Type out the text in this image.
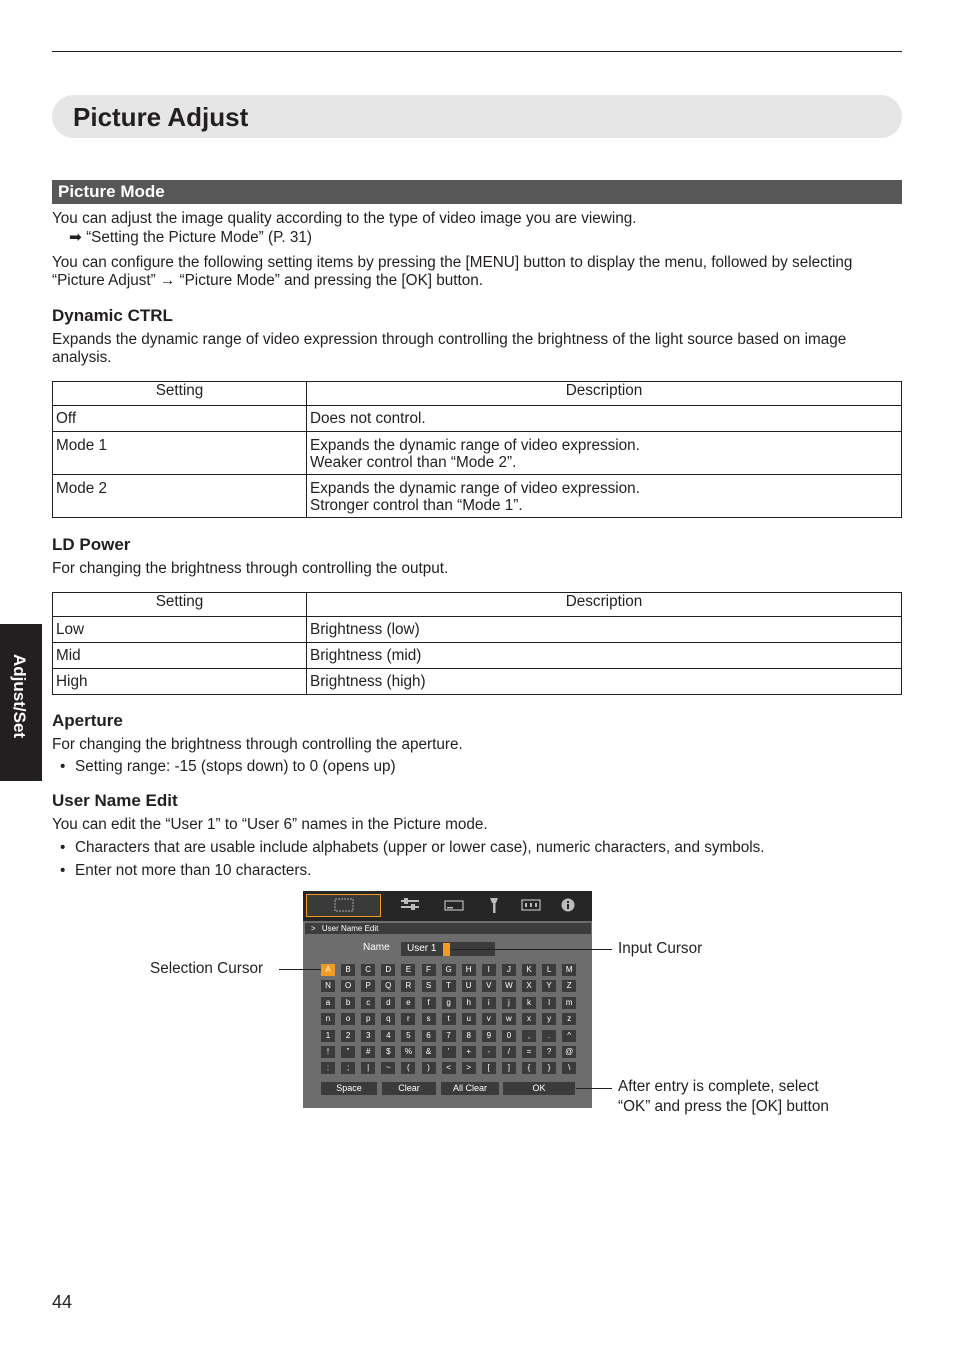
Picture Adjust
Picture Mode

You can adjust the image quality according to the type of video image you are viewing.

➡ “Setting the Picture Mode” (P. 31)

You can configure the following setting items by pressing the [MENU] button to display the menu, followed by selecting

“Picture Adjust” → “Picture Mode” and pressing the [OK] button.

Dynamic CTRL

Expands the dynamic range of video expression through controlling the brightness of the light source based on image

analysis.

Setting	Description
Off	Does not control.
Mode 1	Expands the dynamic range of video expression.
Weaker control than “Mode 2”.

Mode 2	Expands the dynamic range of video expression.
Stronger control than “Mode 1”.
LD Power

For changing the brightness through controlling the output.

Setting	Description
Low	Brightness (low)
Mid	Brightness (mid)
High	Brightness (high)
Aperture

For changing the brightness through controlling the aperture.

• Setting range: -15 (stops down) to 0 (opens up)
User Name Edit

You can edit the “User 1” to “User 6” names in the Picture mode.

• Characters that are usable include alphabets (upper or lower case), numeric characters, and symbols.
• Enter not more than 10 characters.
> User Name Edit
Name User 1
A	B	C	D	E	F	G	H	I	J	K	L	M
N	O	P	Q	R	S	T	U	V	W	X	Y	Z
a	b	c	d	e	f	g	h	i	j	k	l	m
n	o	p	q	r	s	t	u	v	w	x	y	z
1	2	3	4	5	6	7	8	9	0	,	.	^
!	"	#	$	%	&	'	+	-	/	=	?	@
:	;	|	~	(	)	<	>	[	]	{	}	\
Space	Clear	All Clear	OK
Selection Cursor
Input Cursor
After entry is complete, select
“OK” and press the [OK] button
Adjust/Set
44
